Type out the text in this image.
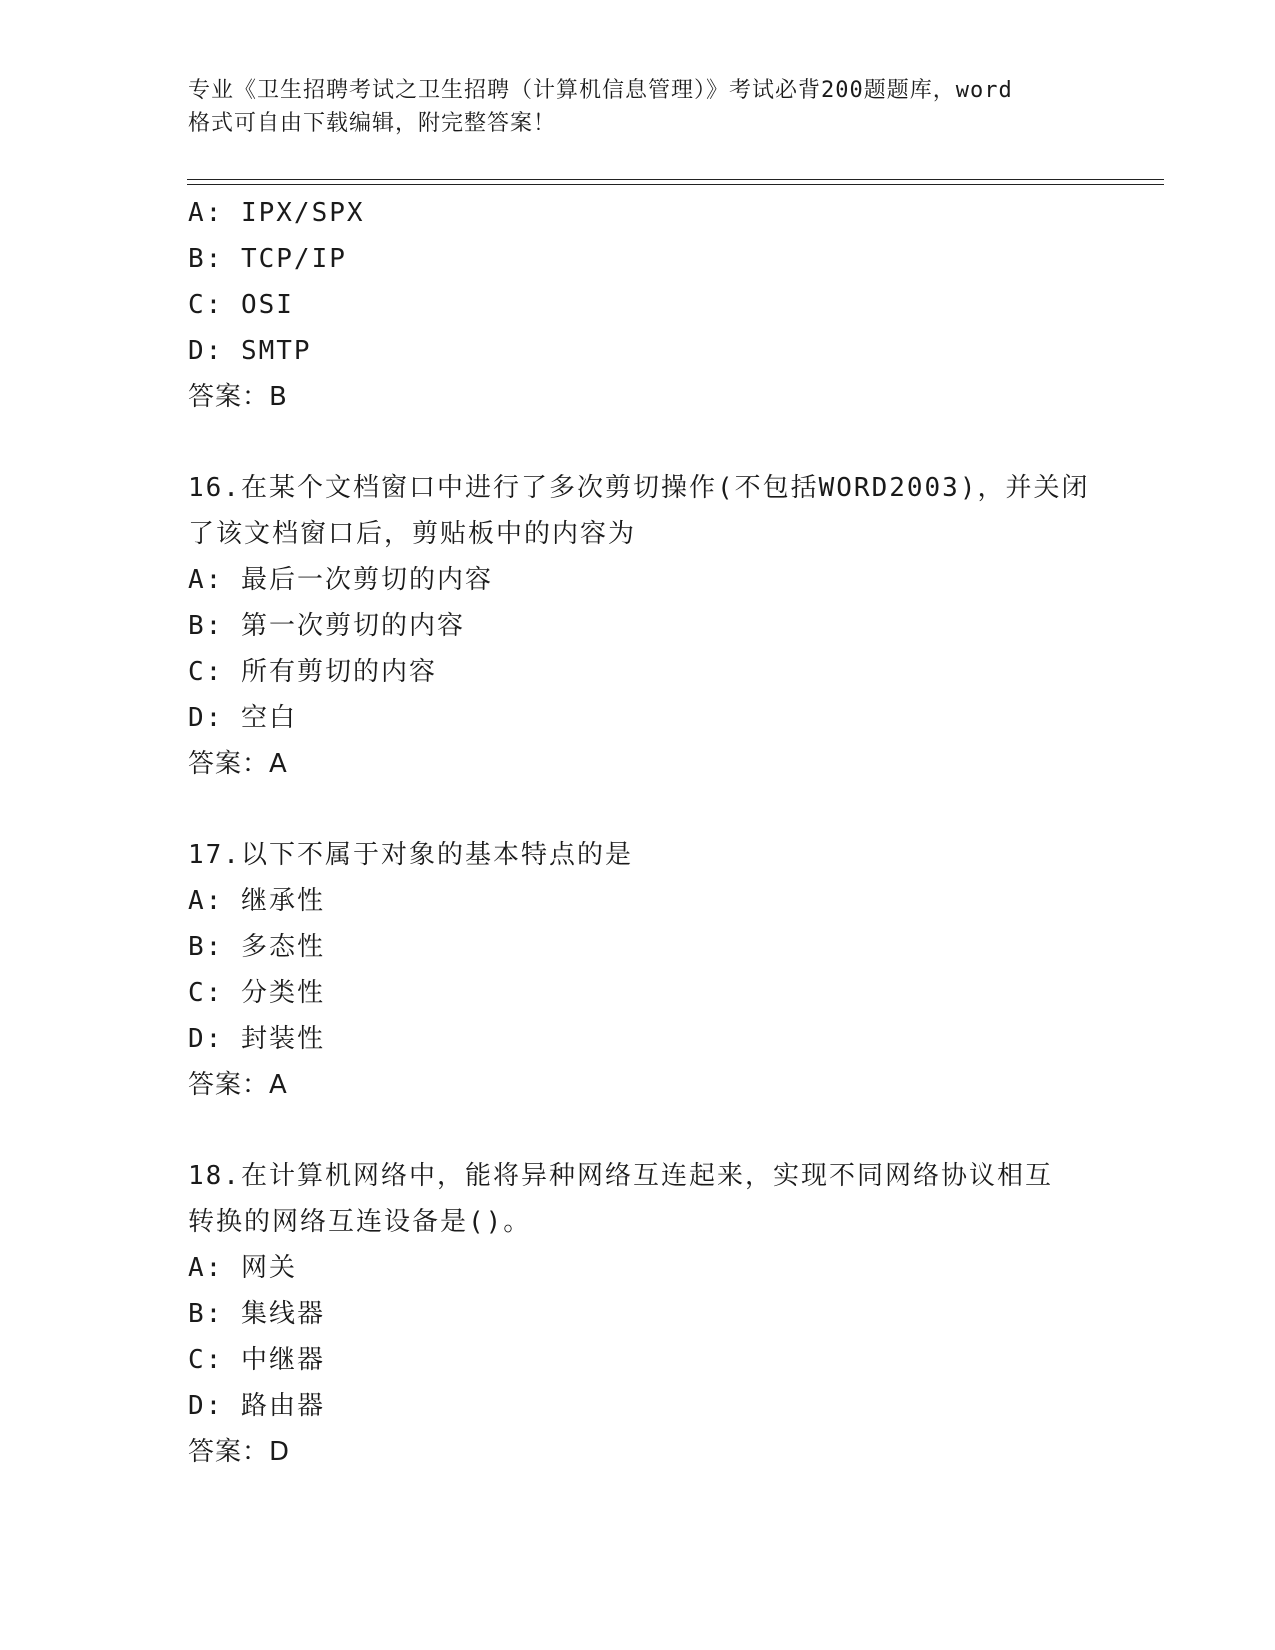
专业《卫生招聘考试之卫生招聘（计算机信息管理）》考试必背200题题库，word
格式可自由下载编辑，附完整答案！
A: IPX/SPX
B: TCP/IP
C: OSI
D: SMTP
答案：B
16.在某个文档窗口中进行了多次剪切操作(不包括WORD2003)，并关闭
了该文档窗口后，剪贴板中的内容为
A: 最后一次剪切的内容
B: 第一次剪切的内容
C: 所有剪切的内容
D: 空白
答案：A
17.以下不属于对象的基本特点的是
A: 继承性
B: 多态性
C: 分类性
D: 封装性
答案：A
18.在计算机网络中，能将异种网络互连起来，实现不同网络协议相互
转换的网络互连设备是()。
A: 网关
B: 集线器
C: 中继器
D: 路由器
答案：D
